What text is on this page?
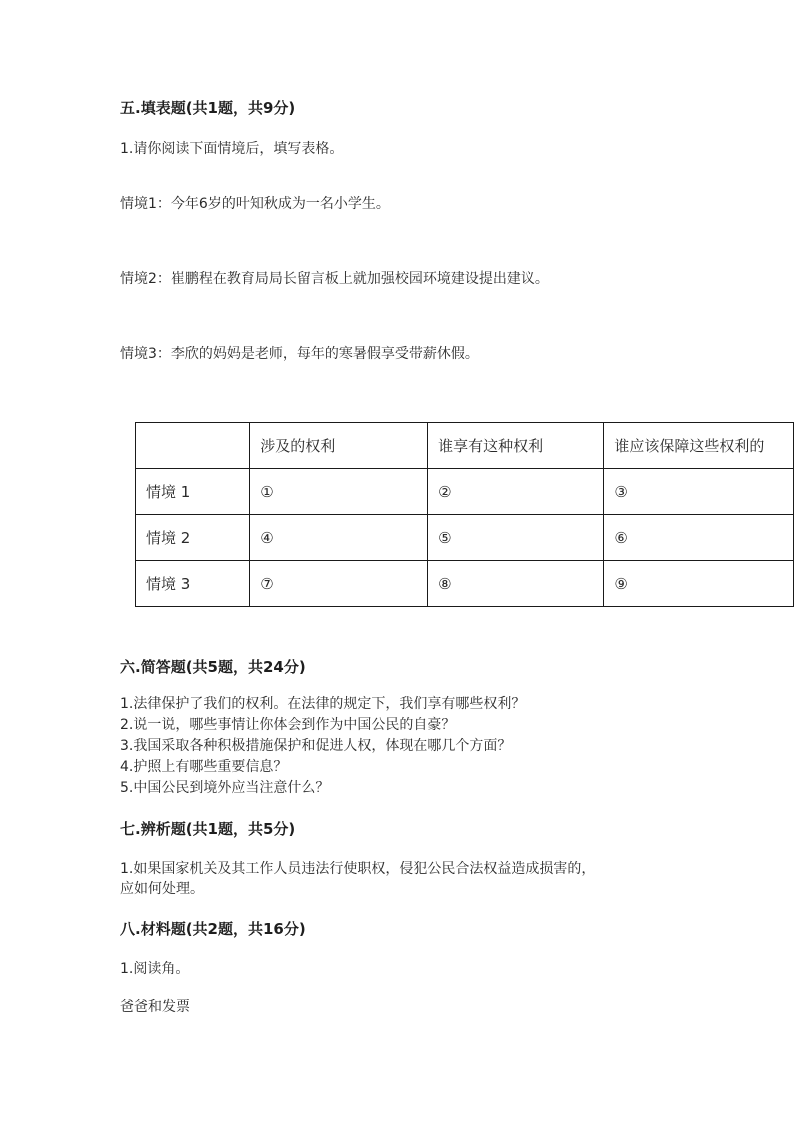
五.填表题(共1题，共9分)
1.请你阅读下面情境后，填写表格。
情境1：今年6岁的叶知秋成为一名小学生。
情境2：崔鹏程在教育局局长留言板上就加强校园环境建设提出建议。
情境3：李欣的妈妈是老师，每年的寒暑假享受带薪休假。
	涉及的权利	谁享有这种权利	谁应该保障这些权利的
情境 1	①	②	③
情境 2	④	⑤	⑥
情境 3	⑦	⑧	⑨
六.简答题(共5题，共24分)
1.法律保护了我们的权利。在法律的规定下，我们享有哪些权利？
2.说一说，哪些事情让你体会到作为中国公民的自豪？
3.我国采取各种积极措施保护和促进人权，体现在哪几个方面？
4.护照上有哪些重要信息？
5.中国公民到境外应当注意什么？
七.辨析题(共1题，共5分)
1.如果国家机关及其工作人员违法行使职权，侵犯公民合法权益造成损害的，
应如何处理。
八.材料题(共2题，共16分)
1.阅读角。
爸爸和发票
